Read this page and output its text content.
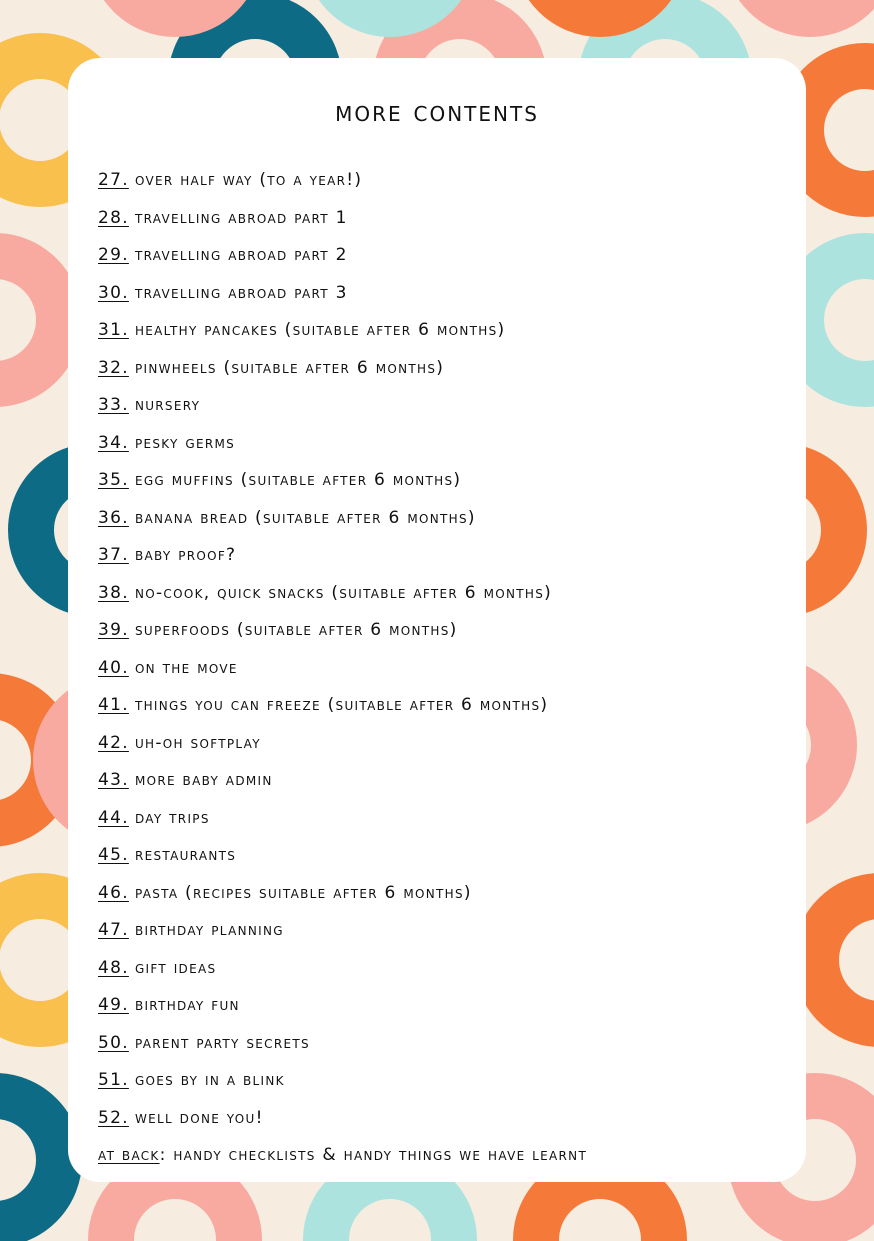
more contents
27. over half way (to a year!)
28. travelling abroad part 1
29. travelling abroad part 2
30. travelling abroad part 3
31. healthy pancakes (suitable after 6 months)
32. pinwheels (suitable after 6 months)
33. nursery
34. pesky germs
35. egg muffins (suitable after 6 months)
36. banana bread (suitable after 6 months)
37. baby proof?
38. no-cook, quick snacks (suitable after 6 months)
39. superfoods (suitable after 6 months)
40. on the move
41. things you can freeze (suitable after 6 months)
42. uh-oh softplay
43. more baby admin
44. day trips
45. restaurants
46. pasta (recipes suitable after 6 months)
47. birthday planning
48. gift ideas
49. birthday fun
50. parent party secrets
51. goes by in a blink
52. well done you!
at back: handy checklists & handy things we have learnt
